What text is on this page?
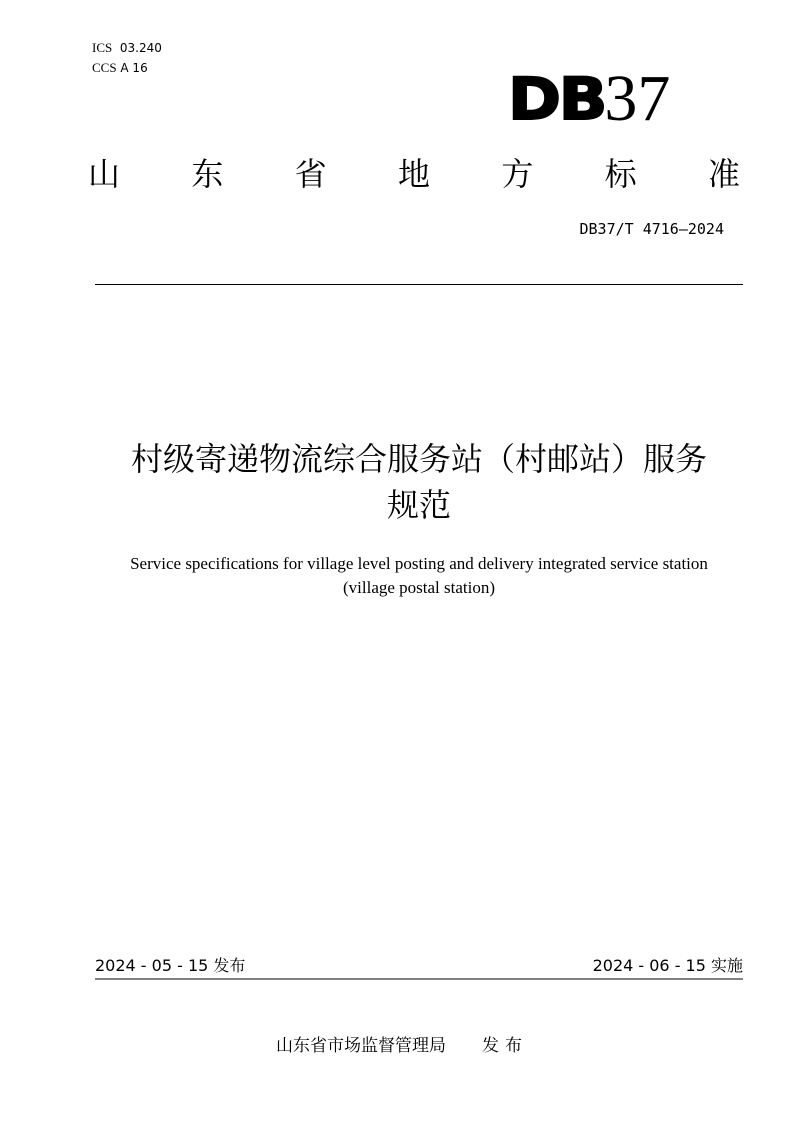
ICS 03.240
CCS A 16	DB 37
山 东 省 地 方 标 准
DB37/T 4716—2024
村级寄递物流综合服务站（村邮站）服务
规范
Service specifications for village level posting and delivery integrated service station
(village postal station)
2024 - 05 - 15 发布	2024 - 06 - 15 实施
山东省市场监督管理局 发布
